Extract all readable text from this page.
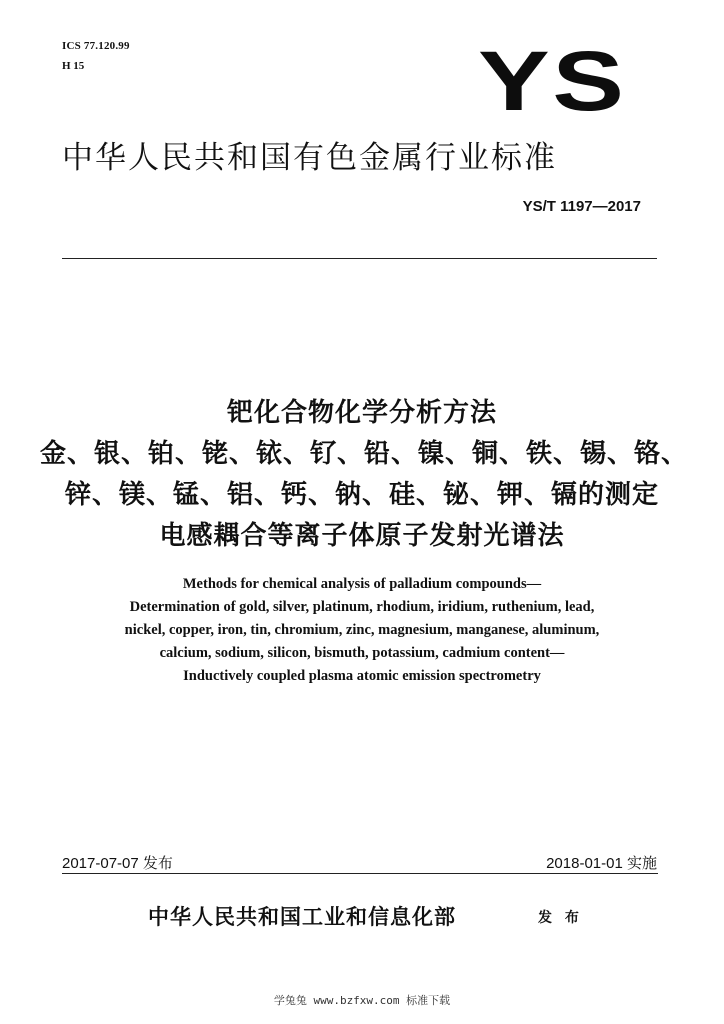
ICS 77.120.99
H 15	YS
中华人民共和国有色金属行业标准
YS/T 1197—2017
钯化合物化学分析方法
金、银、铂、铑、铱、钌、铅、镍、铜、铁、锡、铬、
锌、镁、锰、铝、钙、钠、硅、铋、钾、镉的测定
电感耦合等离子体原子发射光谱法
Methods for chemical analysis of palladium compounds—
Determination of gold, silver, platinum, rhodium, iridium, ruthenium, lead,
nickel, copper, iron, tin, chromium, zinc, magnesium, manganese, aluminum,
calcium, sodium, silicon, bismuth, potassium, cadmium content—
Inductively coupled plasma atomic emission spectrometry
2017-07-07 发布	2018-01-01 实施
中华人民共和国工业和信息化部	发 布
学兔兔 www.bzfxw.com 标准下载
